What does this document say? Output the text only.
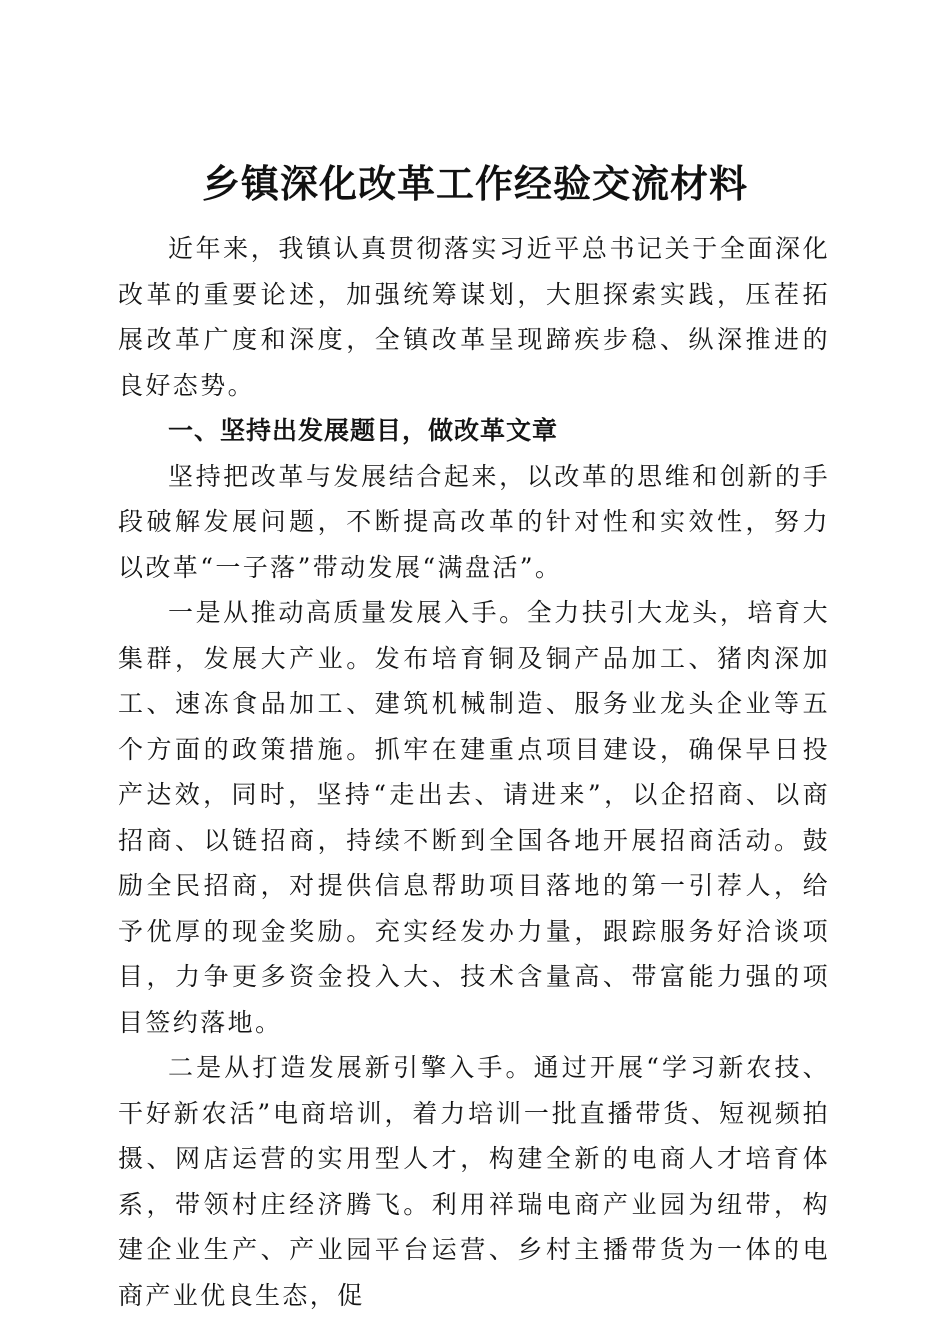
乡镇深化改革工作经验交流材料

近年来，我镇认真贯彻落实习近平总书记关于全面深化改革的重要论述，加强统筹谋划，大胆探索实践，压茬拓展改革广度和深度，全镇改革呈现蹄疾步稳、纵深推进的良好态势。

一、坚持出发展题目，做改革文章

坚持把改革与发展结合起来，以改革的思维和创新的手段破解发展问题，不断提高改革的针对性和实效性，努力以改革“一子落”带动发展“满盘活”。

一是从推动高质量发展入手。全力扶引大龙头，培育大集群，发展大产业。发布培育铜及铜产品加工、猪肉深加工、速冻食品加工、建筑机械制造、服务业龙头企业等五个方面的政策措施。抓牢在建重点项目建设，确保早日投产达效，同时，坚持“走出去、请进来”，以企招商、以商招商、以链招商，持续不断到全国各地开展招商活动。鼓励全民招商，对提供信息帮助项目落地的第一引荐人，给予优厚的现金奖励。充实经发办力量，跟踪服务好洽谈项目，力争更多资金投入大、技术含量高、带富能力强的项目签约落地。

二是从打造发展新引擎入手。通过开展“学习新农技、干好新农活”电商培训，着力培训一批直播带货、短视频拍摄、网店运营的实用型人才，构建全新的电商人才培育体系，带领村庄经济腾飞。利用祥瑞电商产业园为纽带，构建企业生产、产业园平台运营、乡村主播带货为一体的电商产业优良生态，促
